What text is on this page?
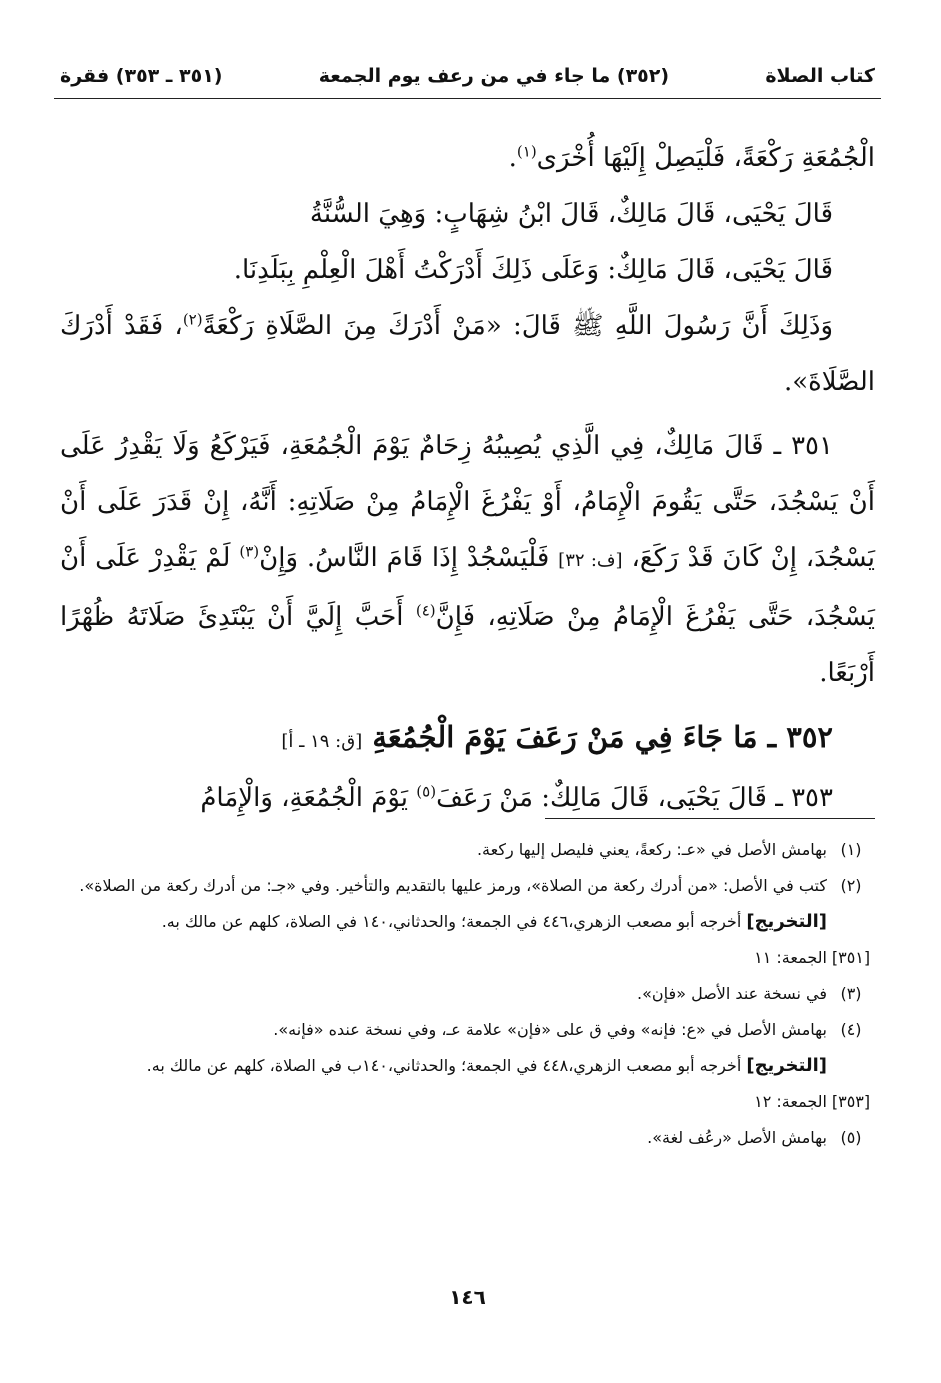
كتاب الصلاة
(٣٥٢) ما جاء في من رعف يوم الجمعة
(٣٥١ ـ ٣٥٣) فقرة

الْجُمُعَةِ رَكْعَةً، فَلْيَصِلْ إِلَيْهَا أُخْرَى$^{(١)}$.

قَالَ يَحْيَى، قَالَ مَالِكٌ، قَالَ ابْنُ شِهَابٍ: وَهِيَ السُّنَّةُ

قَالَ يَحْيَى، قَالَ مَالِكٌ: وَعَلَى ذَلِكَ أَدْرَكْتُ أَهْلَ الْعِلْمِ بِبَلَدِنَا.

وَذَلِكَ أَنَّ رَسُولَ اللَّهِ ﷺ قَالَ: «مَنْ أَدْرَكَ مِنَ الصَّلَاةِ رَكْعَةً$^{(٢)}$، فَقَدْ أَدْرَكَ الصَّلَاةَ».

٣٥١ ـ قَالَ مَالِكٌ، فِي الَّذِي يُصِيبُهُ زِحَامٌ يَوْمَ الْجُمُعَةِ، فَيَرْكَعُ وَلَا يَقْدِرُ عَلَى أَنْ يَسْجُدَ، حَتَّى يَقُومَ الْإِمَامُ، أَوْ يَفْرُغَ الْإِمَامُ مِنْ صَلَاتِهِ: أَنَّهُ، إِنْ قَدَرَ عَلَى أَنْ يَسْجُدَ، إِنْ كَانَ قَدْ رَكَعَ، [ف: ٣٢] فَلْيَسْجُدْ إِذَا قَامَ النَّاسُ. وَإِنْ$^{(٣)}$ لَمْ يَقْدِرْ عَلَى أَنْ يَسْجُدَ، حَتَّى يَفْرُغَ الْإِمَامُ مِنْ صَلَاتِهِ، فَإِنَّ$^{(٤)}$ أَحَبَّ إِلَيَّ أَنْ يَبْتَدِئَ صَلَاتَهُ ظُهْرًا أَرْبَعًا.

٣٥٢ ـ مَا جَاءَ فِي مَنْ رَعَفَ يَوْمَ الْجُمُعَةِ [ق: ١٩ ـ أ]

٣٥٣ ـ قَالَ يَحْيَى، قَالَ مَالِكٌ: مَنْ رَعَفَ$^{(٥)}$ يَوْمَ الْجُمُعَةِ، وَالْإِمَامُ

(١)
بهامش الأصل في «عـ: ركعةً، يعني فليصل إليها ركعة.
(٢)
كتب في الأصل: «من أدرك ركعة من الصلاة»، ورمز عليها بالتقديم والتأخير. وفي «جـ: من أدرك ركعة من الصلاة».
[التخريج] أخرجه أبو مصعب الزهري،٤٤٦ في الجمعة؛ والحدثاني،١٤٠ في الصلاة، كلهم عن مالك به.
[٣٥١]
الجمعة: ١١
(٣)
في نسخة عند الأصل «فإن».
(٤)
بهامش الأصل في «ع: فإنه» وفي ق على «فإن» علامة عـ، وفي نسخة عنده «فإنه».
[التخريج] أخرجه أبو مصعب الزهري،٤٤٨ في الجمعة؛ والحدثاني،١٤٠ب في الصلاة، كلهم عن مالك به.
[٣٥٣]
الجمعة: ١٢
(٥)
بهامش الأصل «رعُف لغة».
١٤٦
